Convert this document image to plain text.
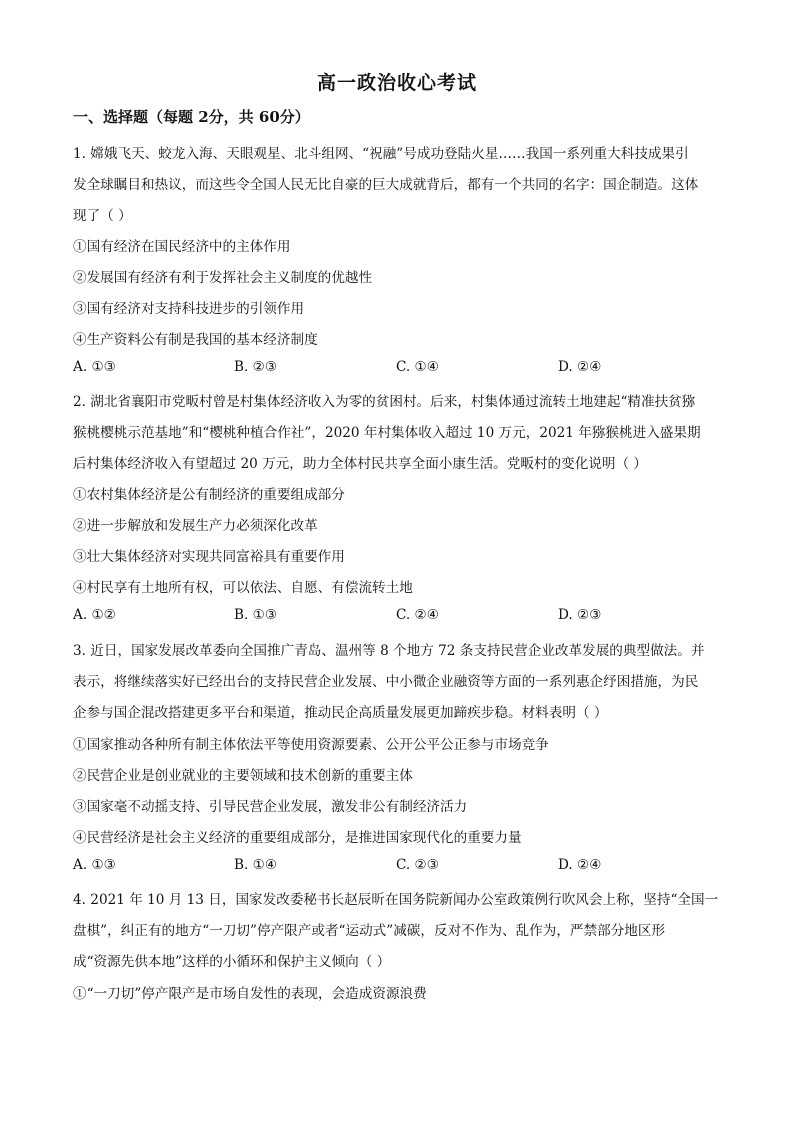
高一政治收心考试
一、选择题（每题 2分，共 60分）
1. 嫦娥飞天、蛟龙入海、天眼观星、北斗组网、“祝融”号成功登陆火星……我国一系列重大科技成果引
发全球瞩目和热议，而这些令全国人民无比自豪的巨大成就背后，都有一个共同的名字：国企制造。这体
现了（ ）
①国有经济在国民经济中的主体作用
②发展国有经济有利于发挥社会主义制度的优越性
③国有经济对支持科技进步的引领作用
④生产资料公有制是我国的基本经济制度
A. ①③	B. ②③	C. ①④	D. ②④
2. 湖北省襄阳市党畈村曾是村集体经济收入为零的贫困村。后来，村集体通过流转土地建起“精准扶贫猕
猴桃樱桃示范基地”和“樱桃种植合作社”，2020 年村集体收入超过 10 万元，2021 年猕猴桃进入盛果期
后村集体经济收入有望超过 20 万元，助力全体村民共享全面小康生活。党畈村的变化说明（ ）
①农村集体经济是公有制经济的重要组成部分
②进一步解放和发展生产力必须深化改革
③壮大集体经济对实现共同富裕具有重要作用
④村民享有土地所有权，可以依法、自愿、有偿流转土地
A. ①②	B. ①③	C. ②④	D. ②③
3. 近日，国家发展改革委向全国推广青岛、温州等 8 个地方 72 条支持民营企业改革发展的典型做法。并
表示，将继续落实好已经出台的支持民营企业发展、中小微企业融资等方面的一系列惠企纾困措施，为民
企参与国企混改搭建更多平台和渠道，推动民企高质量发展更加蹄疾步稳。材料表明（ ）
①国家推动各种所有制主体依法平等使用资源要素、公开公平公正参与市场竞争
②民营企业是创业就业的主要领域和技术创新的重要主体
③国家毫不动摇支持、引导民营企业发展，激发非公有制经济活力
④民营经济是社会主义经济的重要组成部分，是推进国家现代化的重要力量
A. ①③	B. ①④	C. ②③	D. ②④
4. 2021 年 10 月 13 日，国家发改委秘书长赵辰昕在国务院新闻办公室政策例行吹风会上称，坚持“全国一
盘棋”，纠正有的地方“一刀切”停产限产或者“运动式”减碳，反对不作为、乱作为，严禁部分地区形
成“资源先供本地”这样的小循环和保护主义倾向（ ）
①“一刀切”停产限产是市场自发性的表现，会造成资源浪费
